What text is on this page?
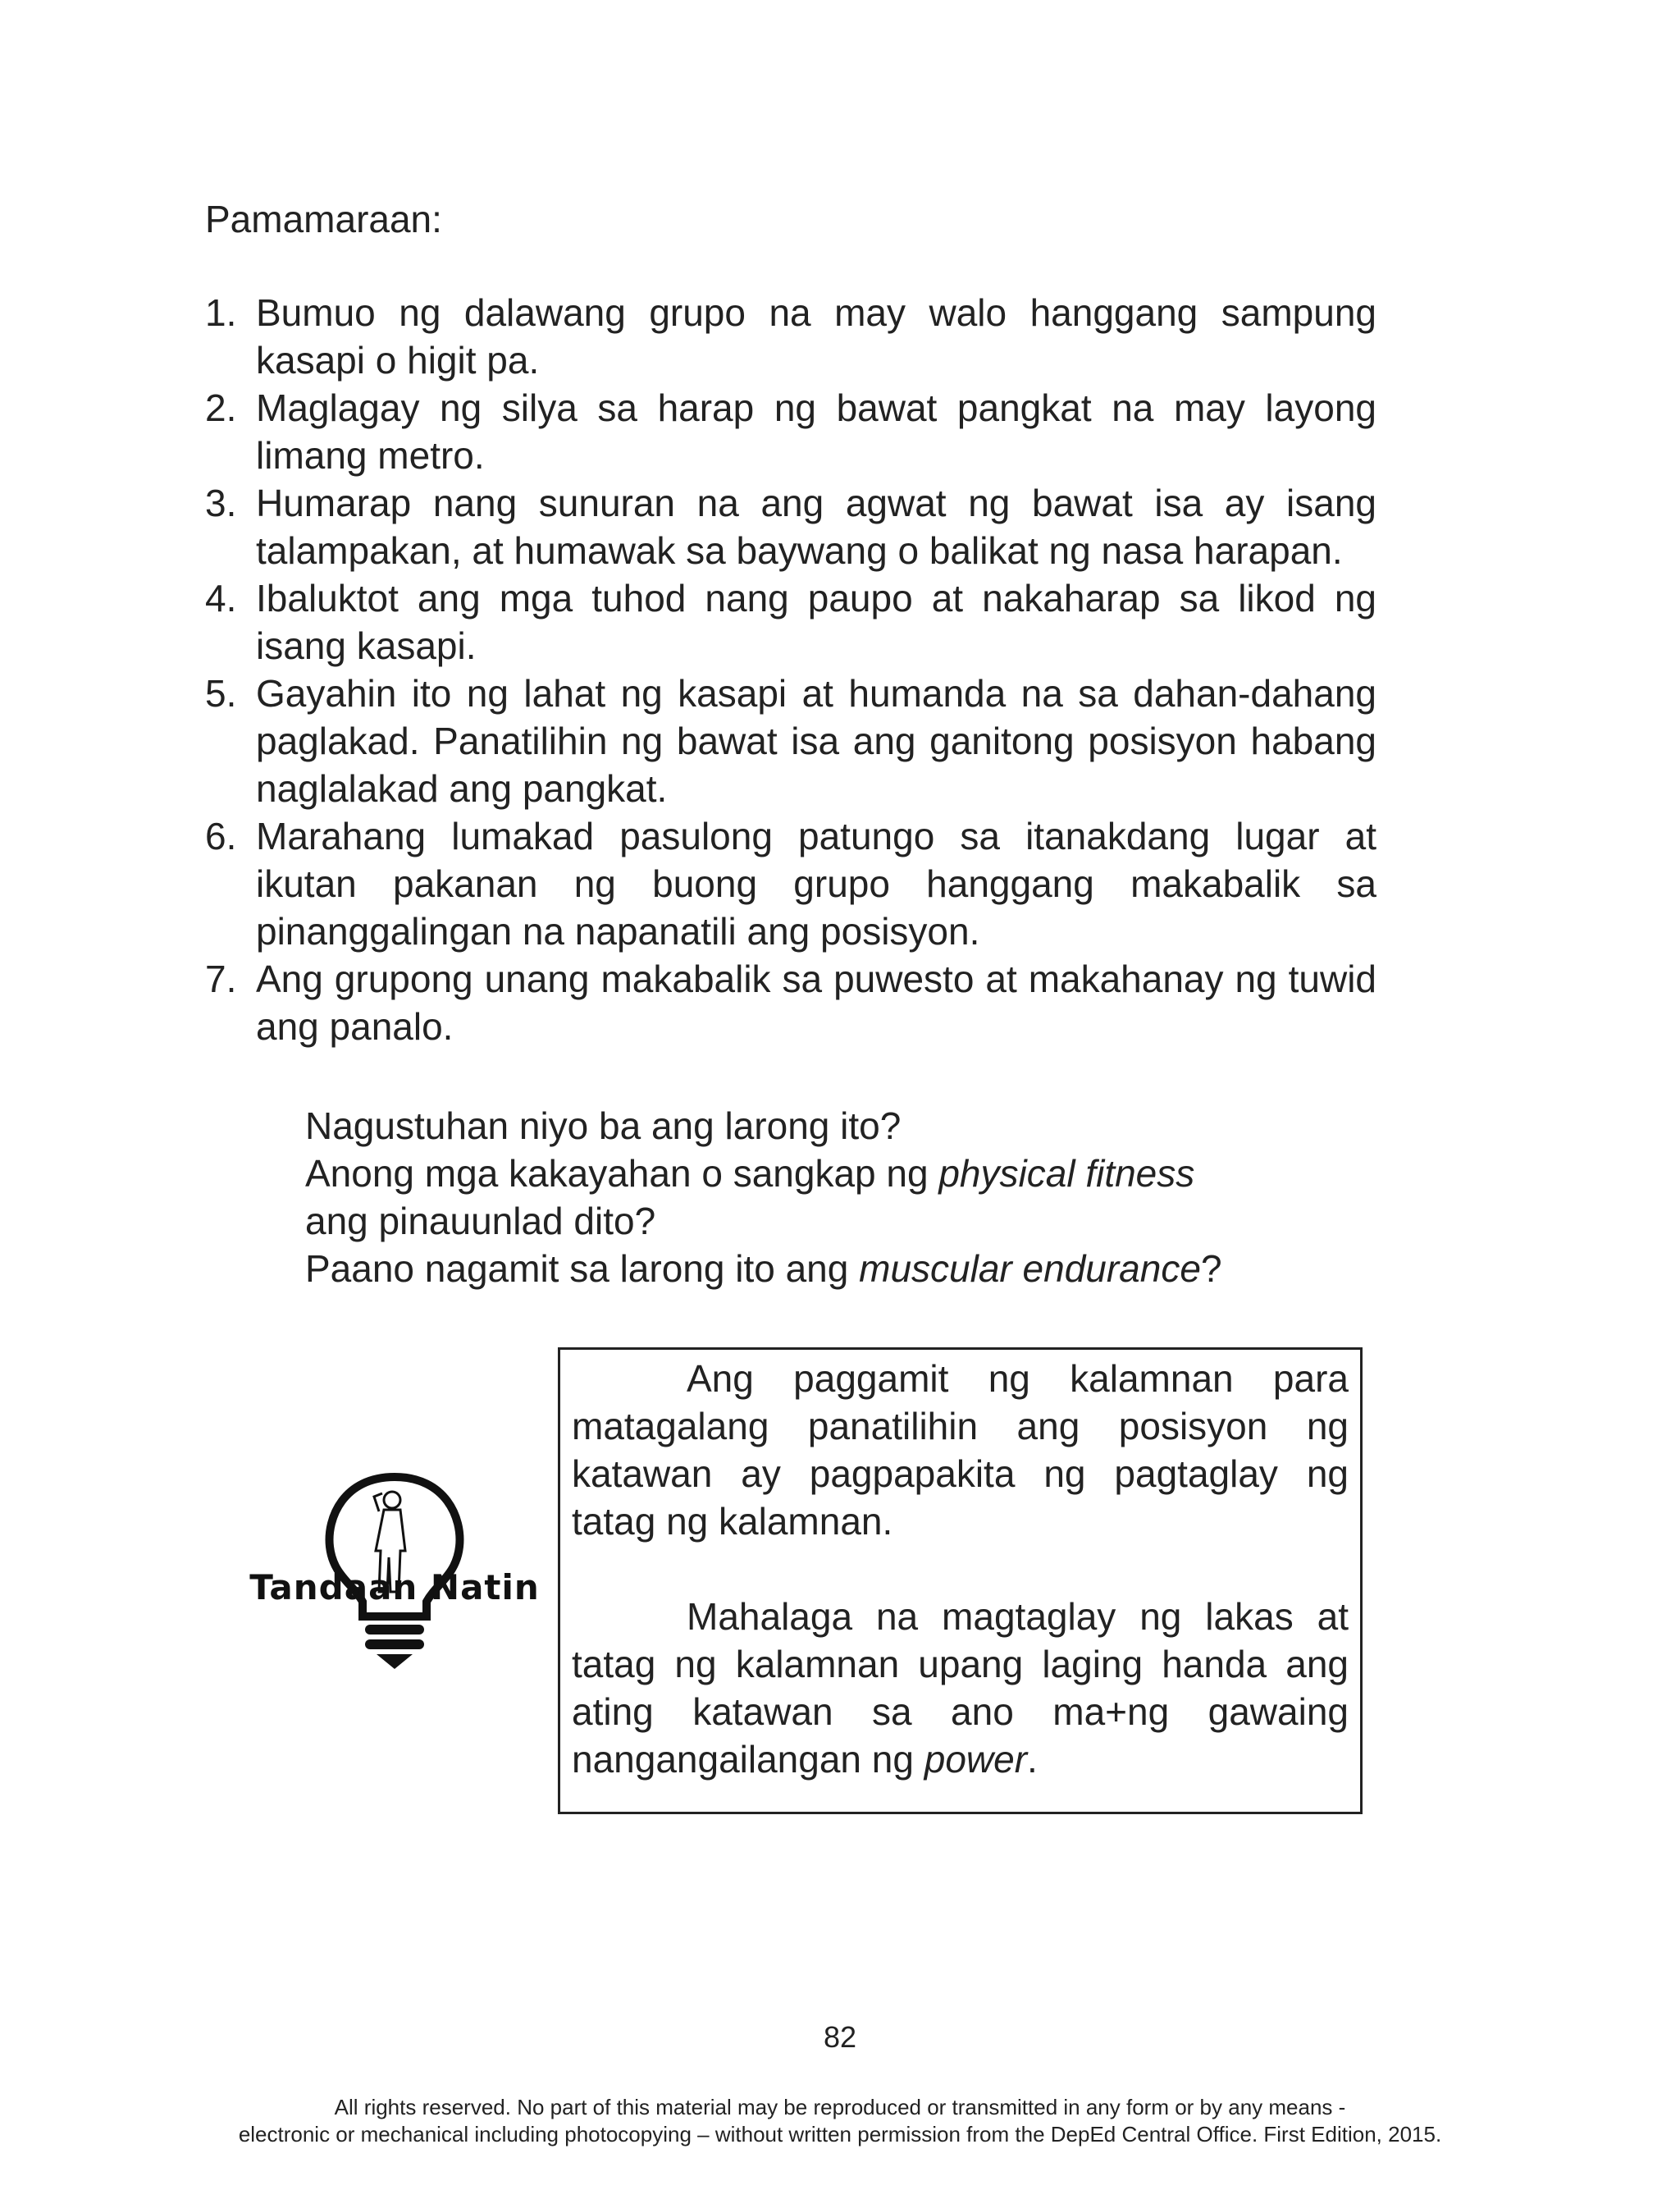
Pamamaraan:
1. Bumuo ng dalawang grupo na may walo hanggang sampung kasapi o higit pa.
2. Maglagay ng silya sa harap ng bawat pangkat na may layong limang metro.
3. Humarap nang sunuran na ang agwat ng bawat isa ay isang talampakan, at humawak sa baywang o balikat ng nasa harapan.
4. Ibaluktot ang mga tuhod nang paupo at nakaharap sa likod ng isang kasapi.
5. Gayahin ito ng lahat ng kasapi at humanda na sa dahan-dahang paglakad. Panatilihin ng bawat isa ang ganitong posisyon habang naglalakad ang pangkat.
6. Marahang lumakad pasulong patungo sa itanakdang lugar at ikutan pakanan ng buong grupo hanggang makabalik sa pinanggalingan na napanatili ang posisyon.
7. Ang grupong unang makabalik sa puwesto at makahanay ng tuwid ang panalo.
Nagustuhan niyo ba ang larong ito?
Anong mga kakayahan o sangkap ng physical fitness
ang pinauunlad dito?
Paano nagamit sa larong ito ang muscular endurance?
Tandaan Natin

Ang paggamit ng kalamnan para matagalang panatilihin ang posisyon ng katawan ay pagpapakita ng pagtaglay ng tatag ng kalamnan.

Mahalaga na magtaglay ng lakas at tatag ng kalamnan upang laging handa ang ating katawan sa ano ma+ng gawaing nangangailangan ng power.

82
All rights reserved. No part of this material may be reproduced or transmitted in any form or by any means -
electronic or mechanical including photocopying – without written permission from the DepEd Central Office. First Edition, 2015.
